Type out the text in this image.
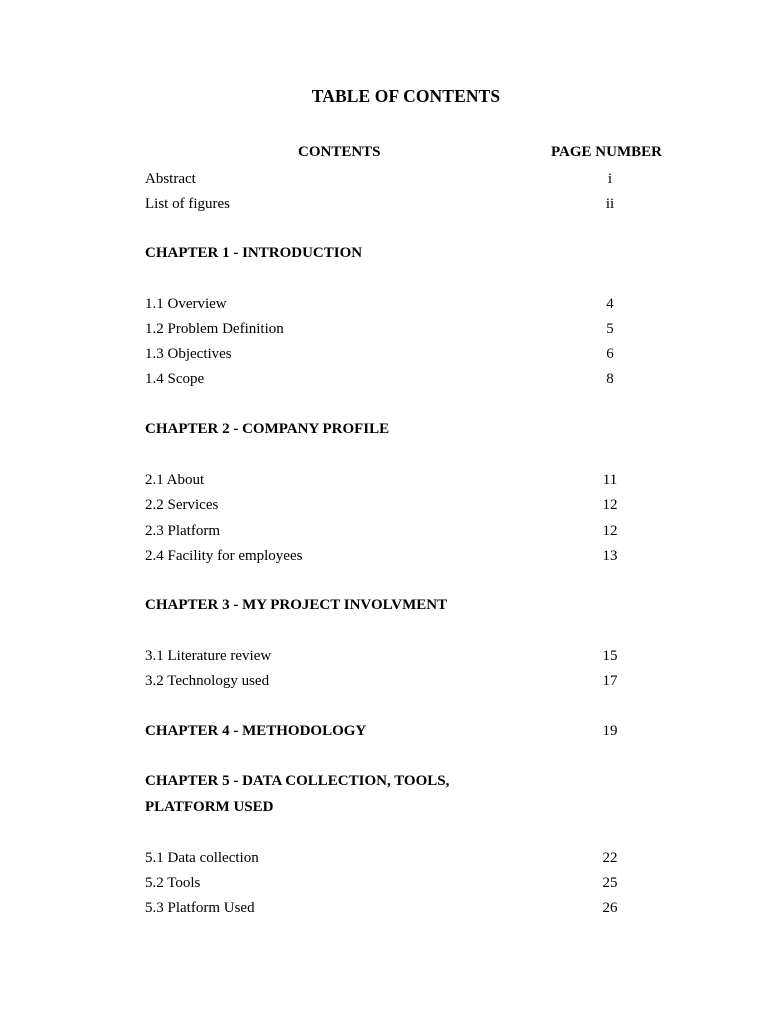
TABLE OF CONTENTS
CONTENTS	PAGE NUMBER
Abstract	i
List of figures	ii
CHAPTER 1 - INTRODUCTION
1.1 Overview	4
1.2 Problem Definition	5
1.3 Objectives	6
1.4 Scope	8
CHAPTER 2 - COMPANY PROFILE
2.1 About	11
2.2 Services	12
2.3 Platform	12
2.4 Facility for employees	13
CHAPTER 3 - MY PROJECT INVOLVMENT
3.1 Literature review	15
3.2 Technology used	17
CHAPTER 4 - METHODOLOGY	19
CHAPTER 5 - DATA COLLECTION, TOOLS,
PLATFORM USED
5.1 Data collection	22
5.2 Tools	25
5.3 Platform Used	26
